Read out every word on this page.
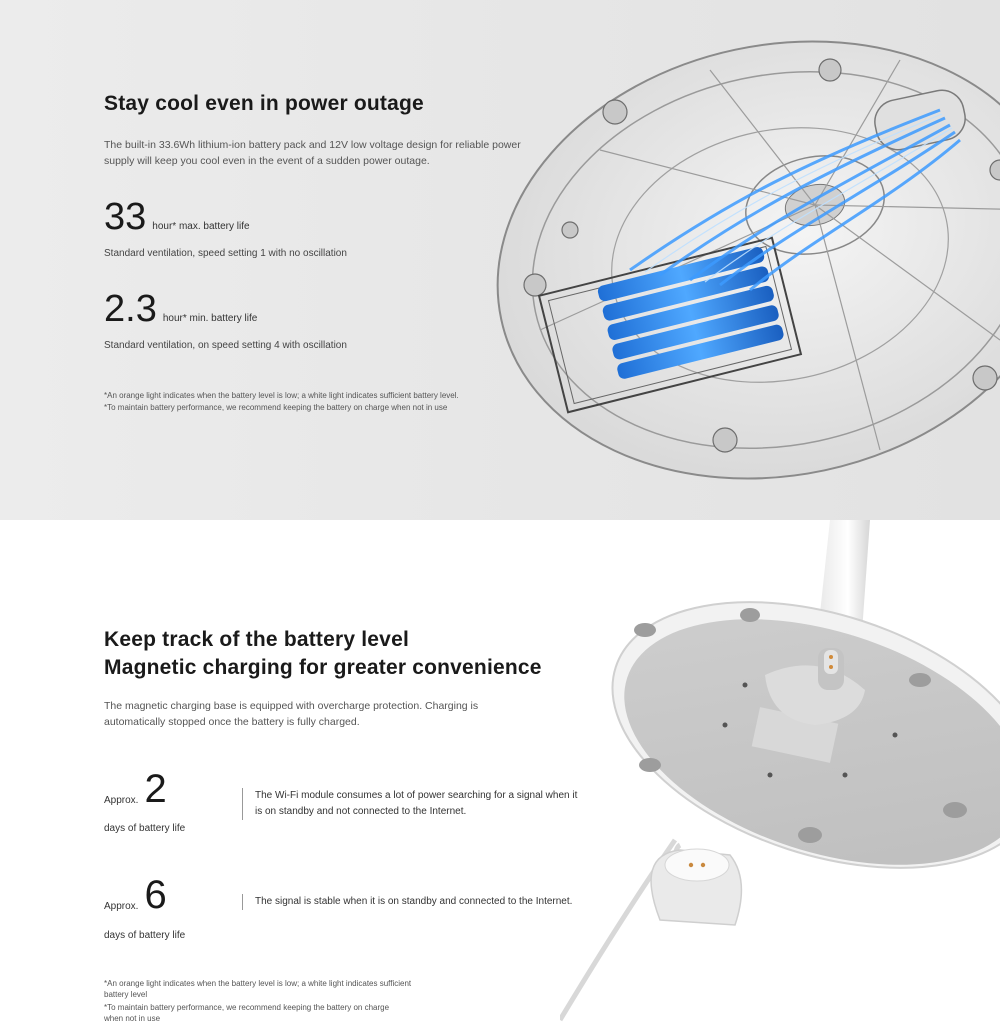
Stay cool even in power outage

The built-in 33.6Wh lithium-ion battery pack and 12V low voltage design for reliable power supply will keep you cool even in the event of a sudden power outage.

33 hour* max. battery life

Standard ventilation, speed setting 1 with no oscillation

2.3 hour* min. battery life

Standard ventilation, on speed setting 4 with oscillation

*An orange light indicates when the battery level is low; a white light indicates sufficient battery level.

*To maintain battery performance, we recommend keeping the battery on charge when not in use

Keep track of the battery level
Magnetic charging for greater convenience

The magnetic charging base is equipped with overcharge protection. Charging is automatically stopped once the battery is fully charged.

Approx. 2

days of battery life

The Wi-Fi module consumes a lot of power searching for a signal when it is on standby and not connected to the Internet.

Approx. 6

days of battery life

The signal is stable when it is on standby and connected to the Internet.

*An orange light indicates when the battery level is low; a white light indicates sufficient battery level

*To maintain battery performance, we recommend keeping the battery on charge when not in use
